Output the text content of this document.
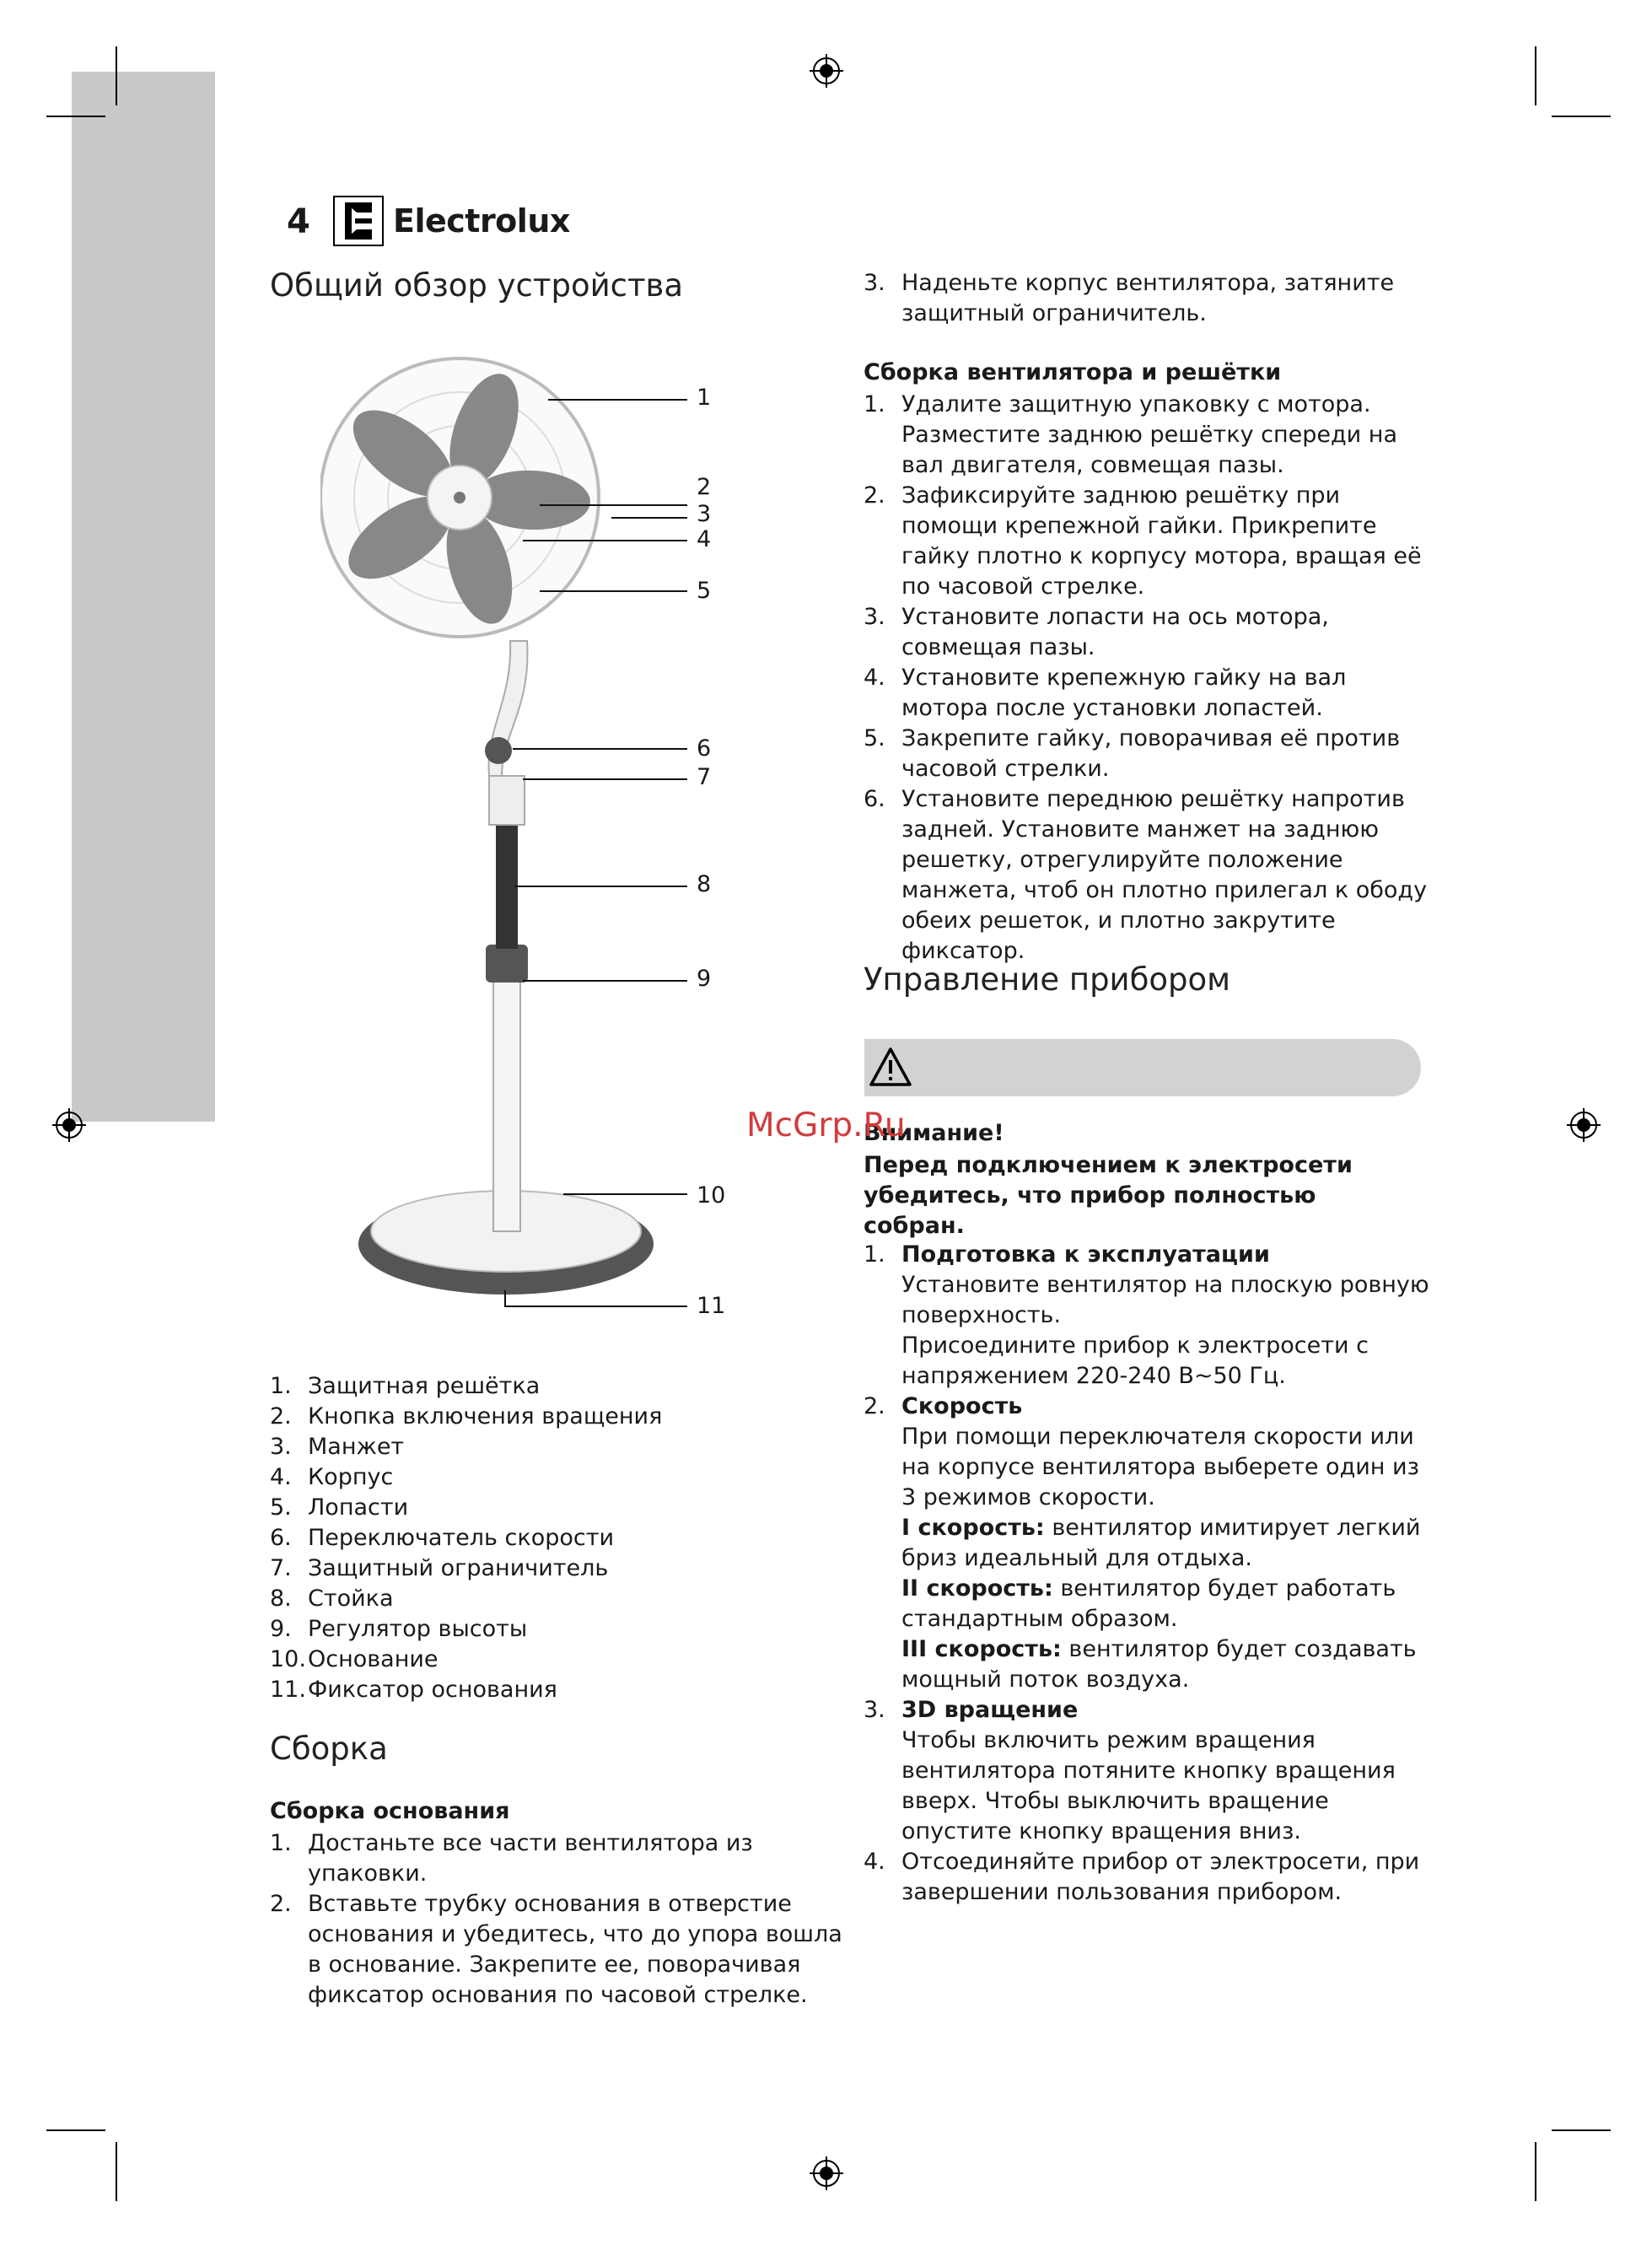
4	Electrolux
Общий обзор устройства
1
2
3
4
5
6
7
8
9
10
11
1. Защитная решётка
2. Кнопка включения вращения
3. Манжет
4. Корпус
5. Лопасти
6. Переключатель скорости
7. Защитный ограничитель
8. Стойка
9. Регулятор высоты
10. Основание
11. Фиксатор основания
Сборка
Сборка основания
1. Достаньте все части вентилятора из упаковки.
2. Вставьте трубку основания в отверстие основания и убедитесь, что до упора вошла в основание. Закрепите ее, поворачивая фиксатор основания по часовой стрелке.
3. Наденьте корпус вентилятора, затяните защитный ограничитель.
Сборка вентилятора и решётки
1. Удалите защитную упаковку с мотора. Разместите заднюю решётку спереди на вал двигателя, совмещая пазы.
2. Зафиксируйте заднюю решётку при помощи крепежной гайки. Прикрепите гайку плотно к корпусу мотора, вращая её по часовой стрелке.
3. Установите лопасти на ось мотора, совмещая пазы.
4. Установите крепежную гайку на вал мотора после установки лопастей.
5. Закрепите гайку, поворачивая её против часовой стрелки.
6. Установите переднюю решётку напротив задней. Установите манжет на заднюю решетку, отрегулируйте положение манжета, чтоб он плотно прилегал к ободу обеих решеток, и плотно закрутите фиксатор.
Управление прибором
Внимание!
McGrp.Ru
Перед подключением к электросети убедитесь, что прибор полностью собран.
1. Подготовка к эксплуатации
Установите вентилятор на плоскую ровную поверхность.
Присоедините прибор к электросети с напряжением 220-240 В~50 Гц.
2. Скорость
При помощи переключателя скорости или на корпусе вентилятора выберете один из 3 режимов скорости.
I скорость: вентилятор имитирует легкий бриз идеальный для отдыха.
II скорость: вентилятор будет работать стандартным образом.
III скорость: вентилятор будет создавать мощный поток воздуха.
3. 3D вращение
Чтобы включить режим вращения вентилятора потяните кнопку вращения вверх. Чтобы выключить вращение опустите кнопку вращения вниз.
4. Отсоединяйте прибор от электросети, при завершении пользования прибором.
